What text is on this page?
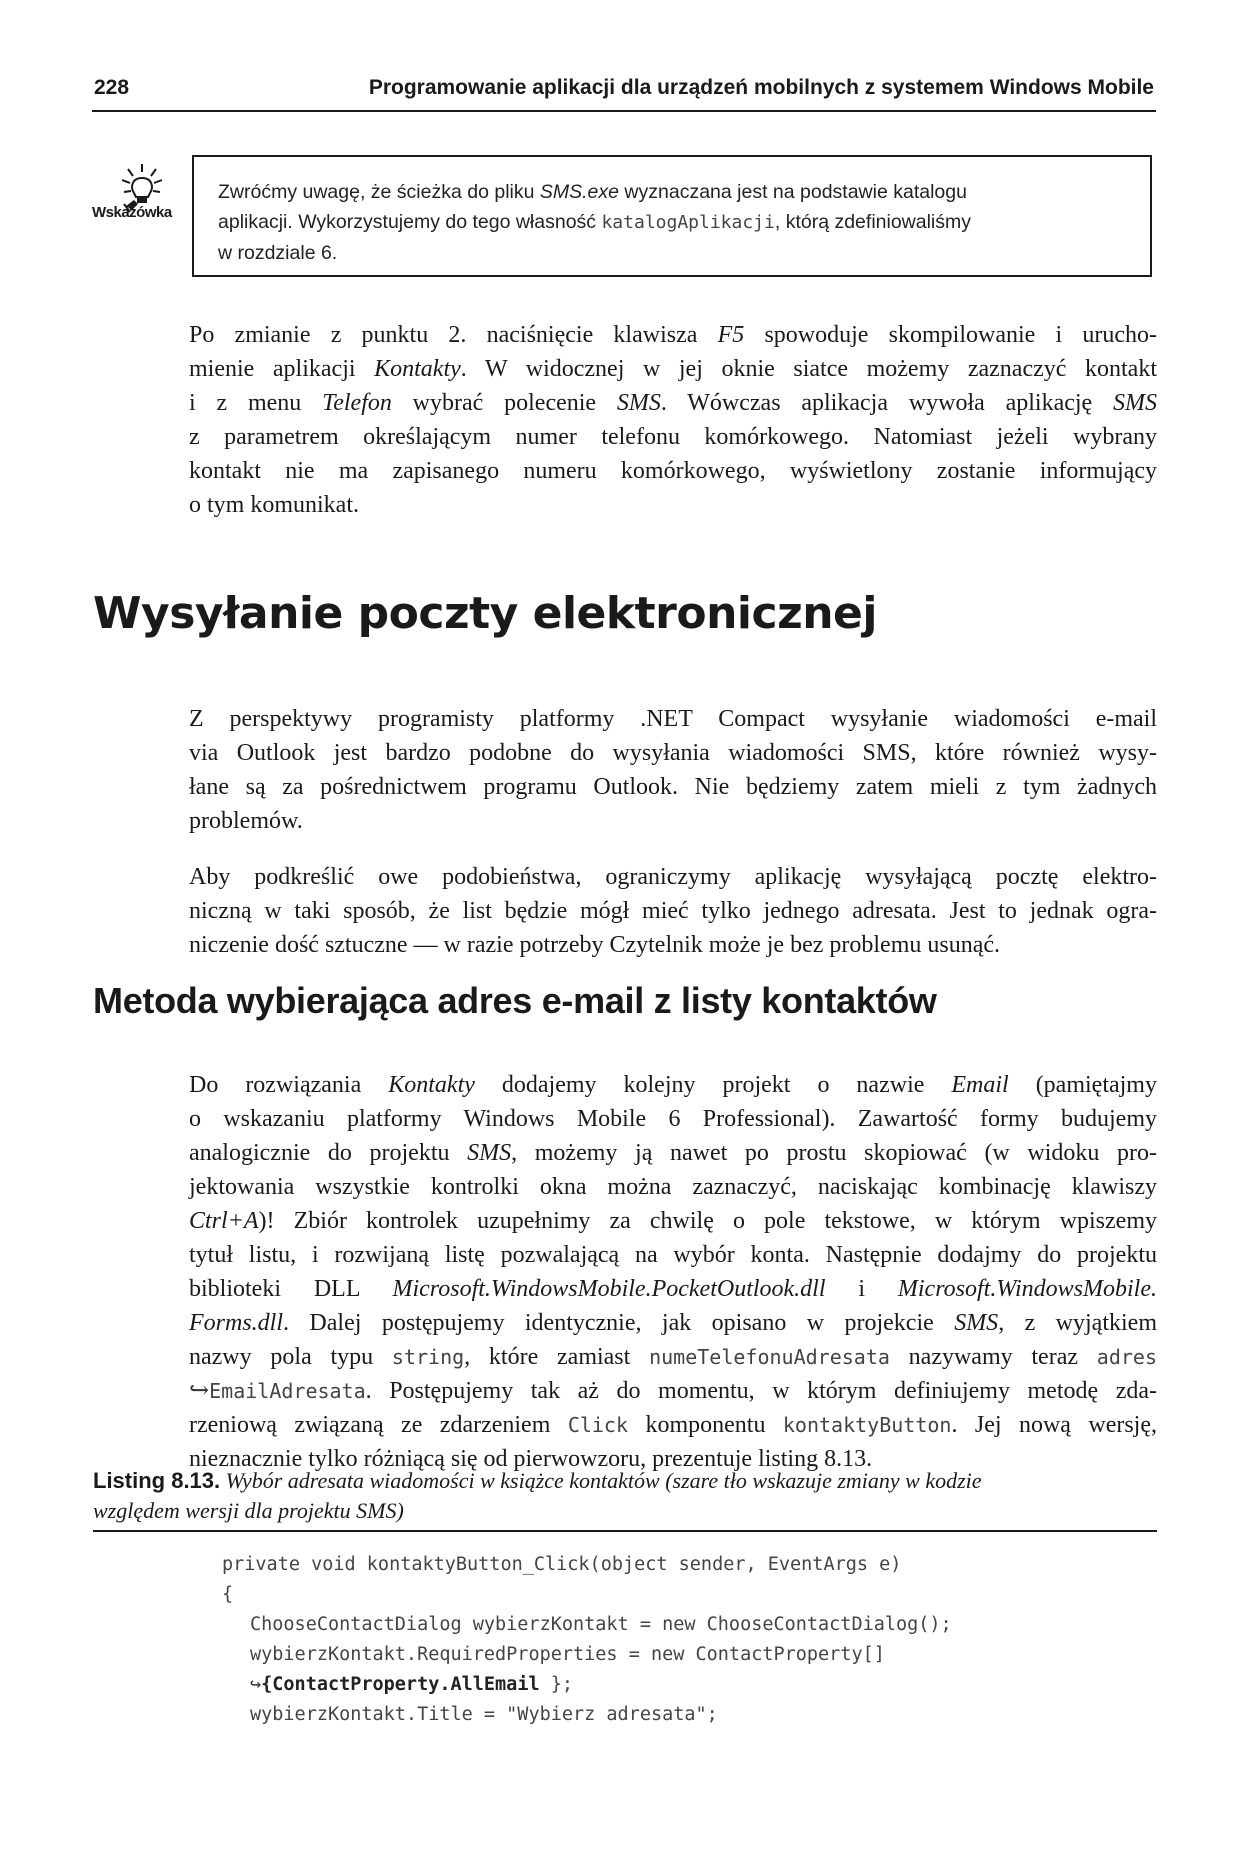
228	Programowanie aplikacji dla urządzeń mobilnych z systemem Windows Mobile
Wskazówka
Zwróćmy uwagę, że ścieżka do pliku SMS.exe wyznaczana jest na podstawie katalogu
aplikacji. Wykorzystujemy do tego własność katalogAplikacji, którą zdefiniowaliśmy
w rozdziale 6.
Po zmianie z punktu 2. naciśnięcie klawisza F5 spowoduje skompilowanie i urucho-
mienie aplikacji Kontakty. W widocznej w jej oknie siatce możemy zaznaczyć kontakt
i z menu Telefon wybrać polecenie SMS. Wówczas aplikacja wywoła aplikację SMS
z parametrem określającym numer telefonu komórkowego. Natomiast jeżeli wybrany
kontakt nie ma zapisanego numeru komórkowego, wyświetlony zostanie informujący
o tym komunikat.
Wysyłanie poczty elektronicznej
Z perspektywy programisty platformy .NET Compact wysyłanie wiadomości e-mail
via Outlook jest bardzo podobne do wysyłania wiadomości SMS, które również wysy-
łane są za pośrednictwem programu Outlook. Nie będziemy zatem mieli z tym żadnych
problemów.
Aby podkreślić owe podobieństwa, ograniczymy aplikację wysyłającą pocztę elektro-
niczną w taki sposób, że list będzie mógł mieć tylko jednego adresata. Jest to jednak ogra-
niczenie dość sztuczne — w razie potrzeby Czytelnik może je bez problemu usunąć.
Metoda wybierająca adres e-mail z listy kontaktów
Do rozwiązania Kontakty dodajemy kolejny projekt o nazwie Email (pamiętajmy
o wskazaniu platformy Windows Mobile 6 Professional). Zawartość formy budujemy
analogicznie do projektu SMS, możemy ją nawet po prostu skopiować (w widoku pro-
jektowania wszystkie kontrolki okna można zaznaczyć, naciskając kombinację klawiszy
Ctrl+A)! Zbiór kontrolek uzupełnimy za chwilę o pole tekstowe, w którym wpiszemy
tytuł listu, i rozwijaną listę pozwalającą na wybór konta. Następnie dodajmy do projektu
biblioteki DLL Microsoft.WindowsMobile.PocketOutlook.dll i Microsoft.WindowsMobile.
Forms.dll. Dalej postępujemy identycznie, jak opisano w projekcie SMS, z wyjątkiem
nazwy pola typu string, które zamiast numeTelefonuAdresata nazywamy teraz adres
↪EmailAdresata. Postępujemy tak aż do momentu, w którym definiujemy metodę zda-
rzeniową związaną ze zdarzeniem Click komponentu kontaktyButton. Jej nową wersję,
nieznacznie tylko różniącą się od pierwowzoru, prezentuje listing 8.13.
Listing 8.13. Wybór adresata wiadomości w książce kontaktów (szare tło wskazuje zmiany w kodzie
względem wersji dla projektu SMS)
private void kontaktyButton_Click(object sender, EventArgs e)
{
ChooseContactDialog wybierzKontakt = new ChooseContactDialog();
wybierzKontakt.RequiredProperties = new ContactProperty[]
↪{ContactProperty.AllEmail };
wybierzKontakt.Title = "Wybierz adresata";
